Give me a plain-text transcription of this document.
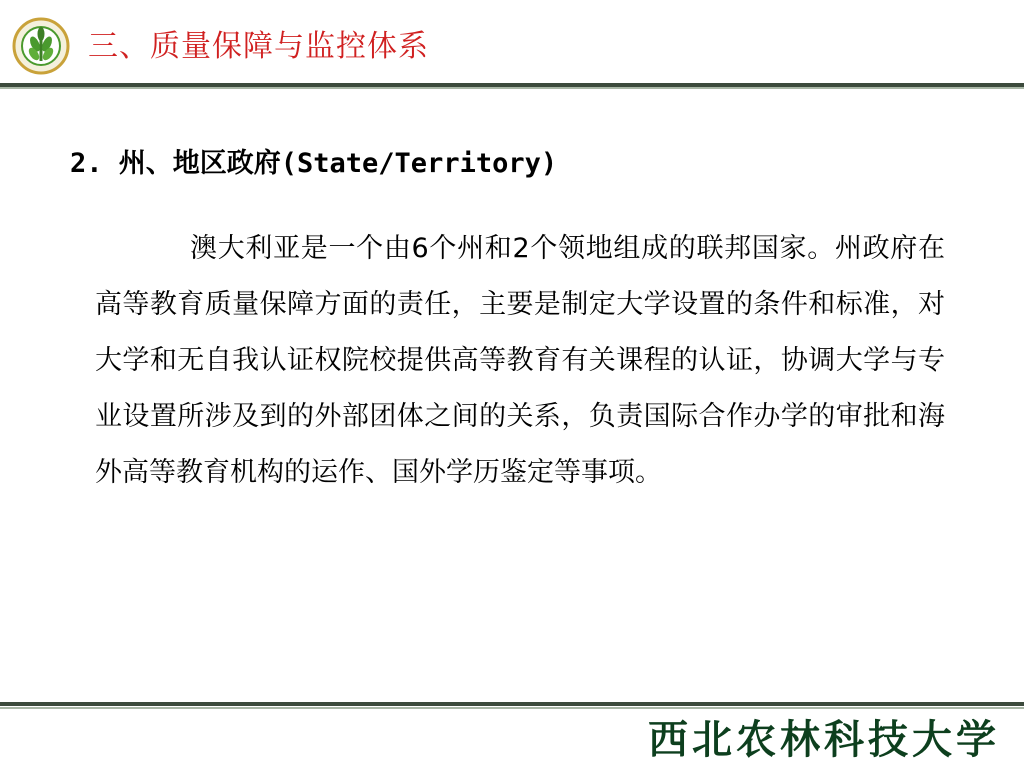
三、质量保障与监控体系
2. 州、地区政府(State/Territory)

澳大利亚是一个由6个州和2个领地组成的联邦国家。州政府在高等教育质量保障方面的责任，主要是制定大学设置的条件和标准，对大学和无自我认证权院校提供高等教育有关课程的认证，协调大学与专业设置所涉及到的外部团体之间的关系，负责国际合作办学的审批和海外高等教育机构的运作、国外学历鉴定等事项。

西北农林科技大学
